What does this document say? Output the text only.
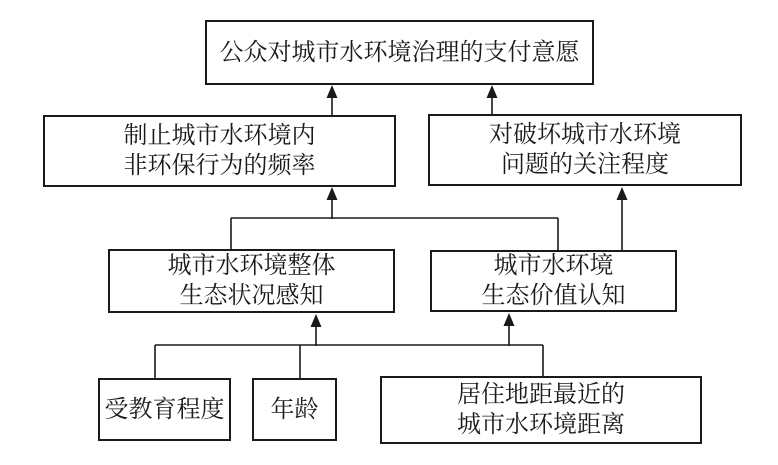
公众对城市水环境治理的支付意愿
制止城市水环境内
非环保行为的频率
对破坏城市水环境
问题的关注程度
城市水环境整体
生态状况感知
城市水环境
生态价值认知
受教育程度 年龄
居住地距最近的
城市水环境距离
